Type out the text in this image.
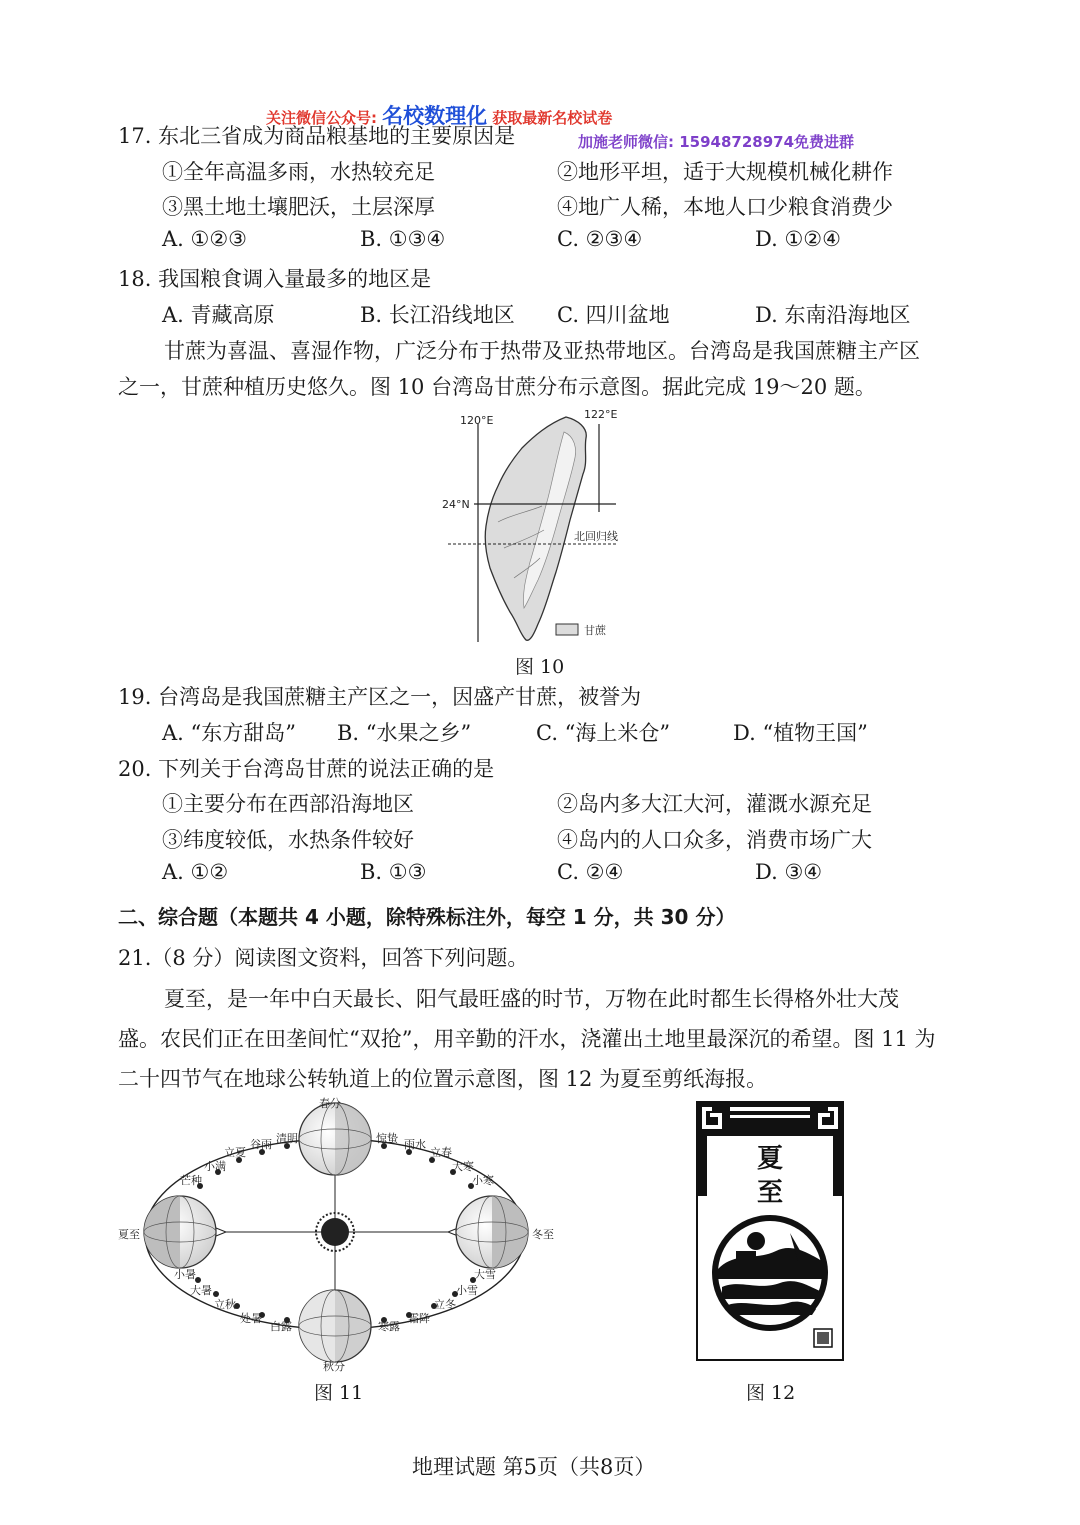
关注微信公众号: 名校数理化 获取最新名校试卷
加施老师微信: 15948728974免费进群
17. 东北三省成为商品粮基地的主要原因是
①全年高温多雨，水热较充足	②地形平坦，适于大规模机械化耕作
③黑土地土壤肥沃，土层深厚	④地广人稀，本地人口少粮食消费少
A. ①②③	B. ①③④	C. ②③④	D. ①②④
18. 我国粮食调入量最多的地区是
A. 青藏高原	B. 长江沿线地区 C. 四川盆地	D. 东南沿海地区
甘蔗为喜温、喜湿作物，广泛分布于热带及亚热带地区。台湾岛是我国蔗糖主产区
之一，甘蔗种植历史悠久。图 10 台湾岛甘蔗分布示意图。据此完成 19～20 题。
120°E	122°E
24°N
北回归线
甘蔗
图 10
19. 台湾岛是我国蔗糖主产区之一，因盛产甘蔗，被誉为
A. “东方甜岛” B. “水果之乡”	C. “海上米仓”	D. “植物王国”
20. 下列关于台湾岛甘蔗的说法正确的是
①主要分布在西部沿海地区	②岛内多大江大河，灌溉水源充足
③纬度较低，水热条件较好	④岛内的人口众多，消费市场广大
A. ①②	B. ①③	C. ②④	D. ③④
二、综合题（本题共 4 小题，除特殊标注外，每空 1 分，共 30 分）
21.（8 分）阅读图文资料，回答下列问题。
夏至，是一年中白天最长、阳气最旺盛的时节，万物在此时都生长得格外壮大茂
盛。农民们正在田垄间忙“双抢”，用辛勤的汗水，浇灌出土地里最深沉的希望。图 11 为
二十四节气在地球公转轨道上的位置示意图，图 12 为夏至剪纸海报。
春分
秋分
夏至	冬至
立夏
谷雨 清明
小满
芒种
惊蛰 雨水
立春
大寒
小寒
小暑
大暑
立秋
处暑
白露
大雪
小雪
立冬
霜降
寒露
图 11
夏
至
图 12
地理试题 第5页（共8页）
